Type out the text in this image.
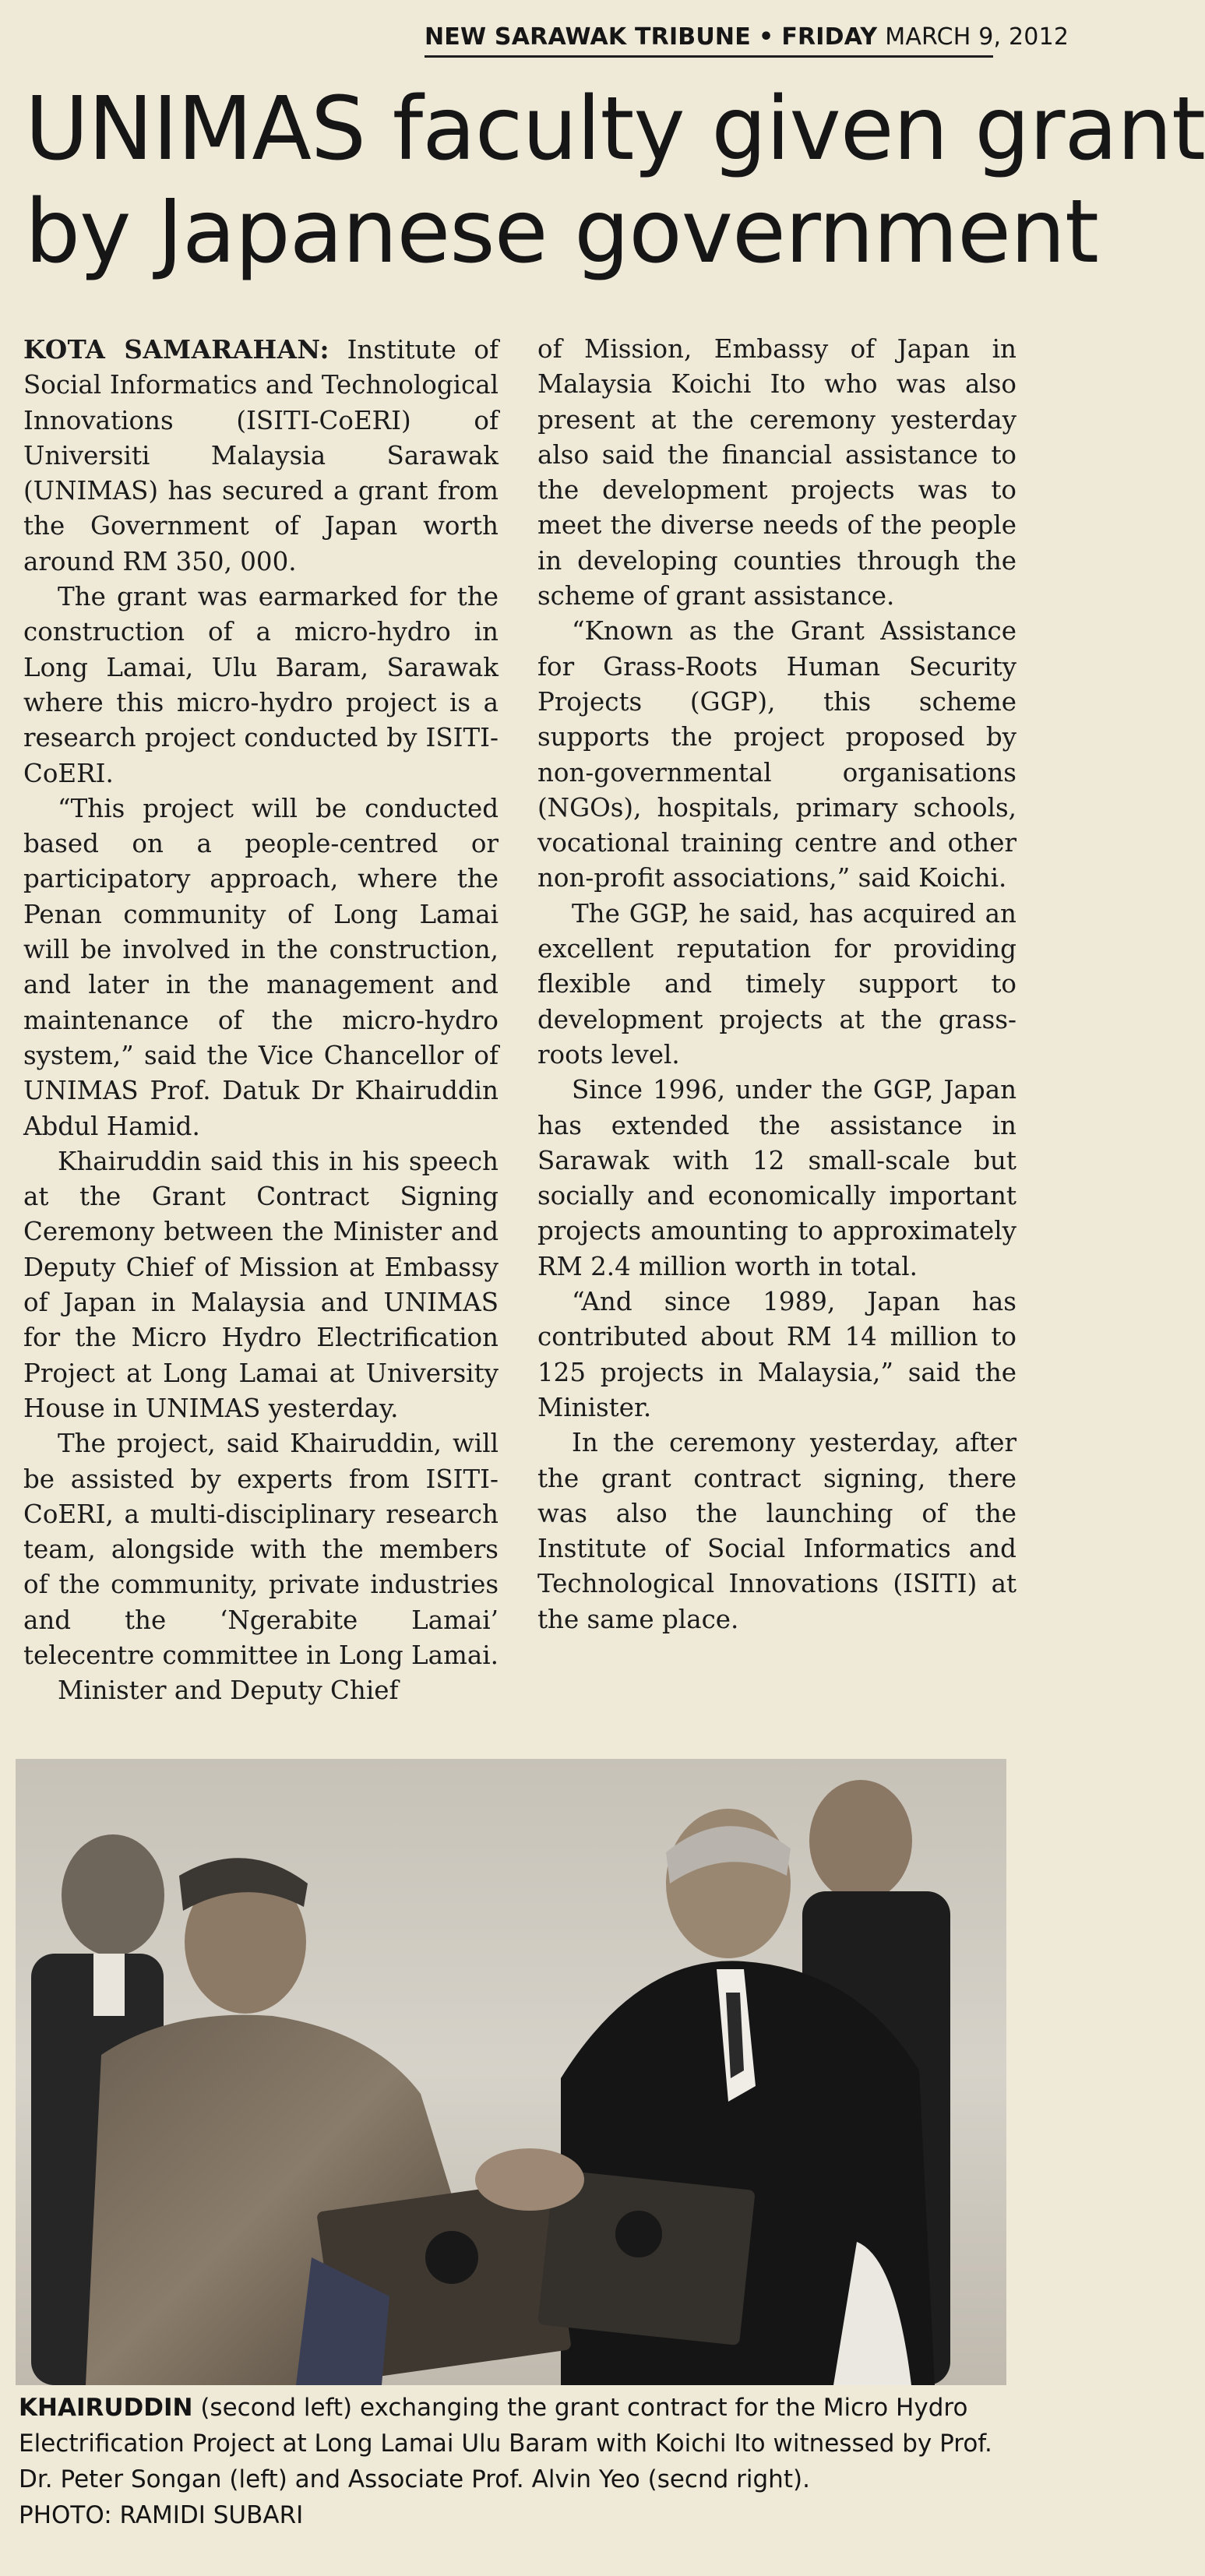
NEW SARAWAK TRIBUNE • FRIDAY MARCH 9, 2012
UNIMAS faculty given grant
by Japanese government

KOTA SAMARAHAN: Institute of Social Informatics and Technological Innovations (ISITI-CoERI) of Universiti Malaysia Sarawak (UNIMAS) has secured a grant from the Government of Japan worth around RM 350, 000.

The grant was earmarked for the construction of a micro-hydro in Long Lamai, Ulu Baram, Sarawak where this micro-hydro project is a research project conducted by ISITI-CoERI.

“This project will be conducted based on a people-centred or participatory approach, where the Penan community of Long Lamai will be involved in the construction, and later in the management and maintenance of the micro-hydro system,” said the Vice Chancellor of UNIMAS Prof. Datuk Dr Khairuddin Abdul Hamid.

Khairuddin said this in his speech at the Grant Contract Signing Ceremony between the Minister and Deputy Chief of Mission at Embassy of Japan in Malaysia and UNIMAS for the Micro Hydro Electrification Project at Long Lamai at University House in UNIMAS yesterday.

The project, said Khairuddin, will be assisted by experts from ISITI-CoERI, a multi-disciplinary research team, alongside with the members of the community, private industries and the ‘Ngerabite Lamai’ telecentre committee in Long Lamai.

Minister and Deputy Chief

of Mission, Embassy of Japan in Malaysia Koichi Ito who was also present at the ceremony yesterday also said the financial assistance to the development projects was to meet the diverse needs of the people in developing counties through the scheme of grant assistance.

“Known as the Grant Assistance for Grass-Roots Human Security Projects (GGP), this scheme supports the project proposed by non-governmental organisations (NGOs), hospitals, primary schools, vocational training centre and other non-profit associations,” said Koichi.

The GGP, he said, has acquired an excellent reputation for providing flexible and timely support to development projects at the grass-roots level.

Since 1996, under the GGP, Japan has extended the assistance in Sarawak with 12 small-scale but socially and economically important projects amounting to approximately RM 2.4 million worth in total.

“And since 1989, Japan has contributed about RM 14 million to 125 projects in Malaysia,” said the Minister.

In the ceremony yesterday, after the grant contract signing, there was also the launching of the Institute of Social Informatics and Technological Innovations (ISITI) at the same place.

KHAIRUDDIN (second left) exchanging the grant contract for the Micro Hydro Electrification Project at Long Lamai Ulu Baram with Koichi Ito witnessed by Prof. Dr. Peter Songan (left) and Associate Prof. Alvin Yeo (secnd right).
PHOTO: RAMIDI SUBARI
